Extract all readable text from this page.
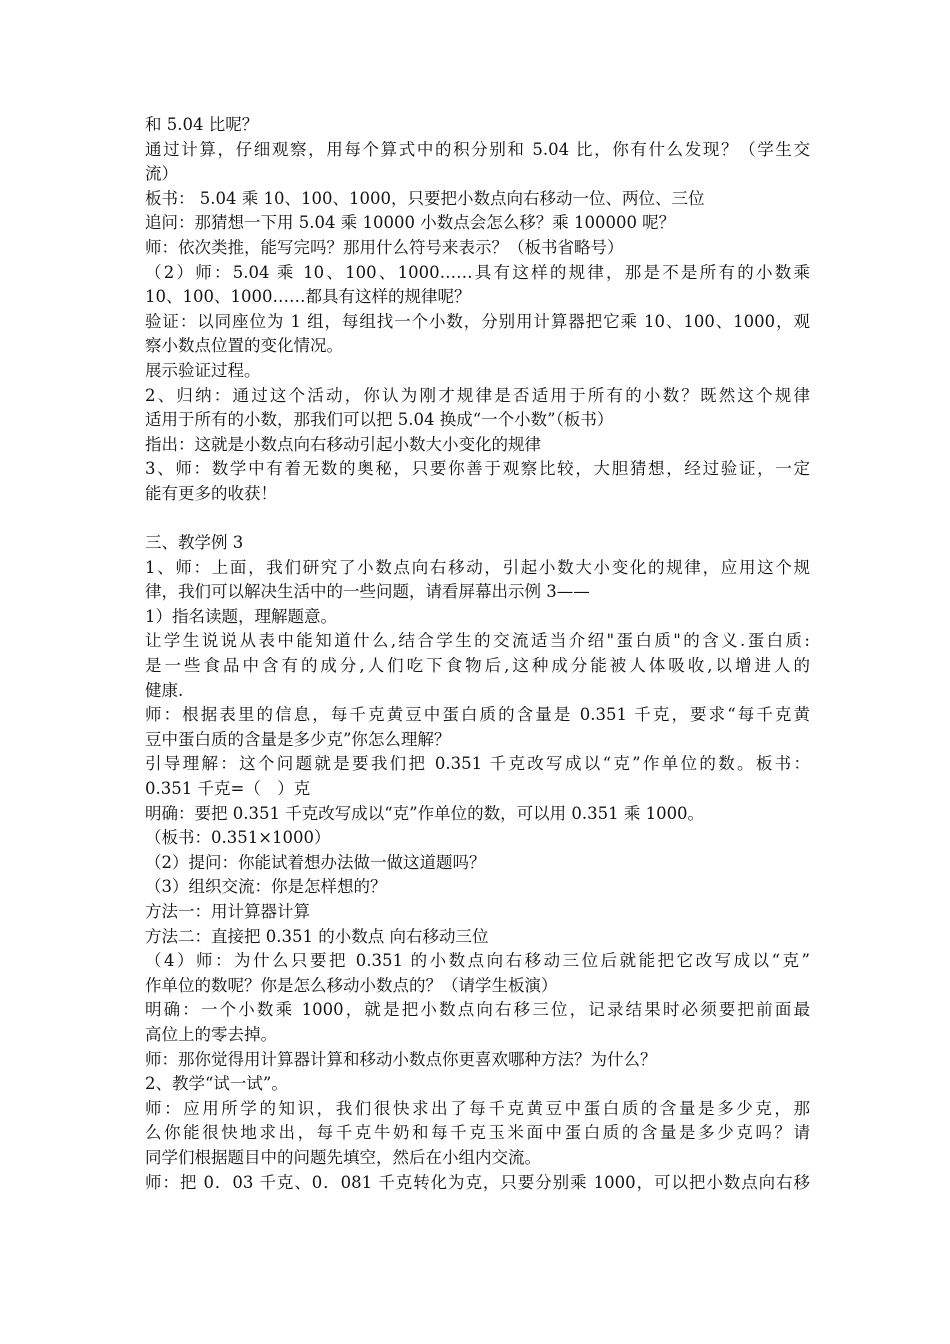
和 5.04 比呢？
通过计算，仔细观察，用每个算式中的积分别和 5.04 比，你有什么发现？（学生交
流）
板书： 5.04 乘 10、100、1000，只要把小数点向右移动一位、两位、三位
追问：那猜想一下用 5.04 乘 10000 小数点会怎么移？乘 100000 呢？
师：依次类推，能写完吗？那用什么符号来表示？（板书省略号）
（2）师：5.04 乘 10、100、1000……具有这样的规律，那是不是所有的小数乘
10、100、1000……都具有这样的规律呢？
验证：以同座位为 1 组，每组找一个小数，分别用计算器把它乘 10、100、1000，观
察小数点位置的变化情况。
展示验证过程。
2、归纳：通过这个活动，你认为刚才规律是否适用于所有的小数？既然这个规律
适用于所有的小数，那我们可以把 5.04 换成“一个小数”（板书）
指出：这就是小数点向右移动引起小数大小变化的规律
3、师：数学中有着无数的奥秘，只要你善于观察比较，大胆猜想，经过验证，一定
能有更多的收获！
三、教学例 3
1、师：上面，我们研究了小数点向右移动，引起小数大小变化的规律，应用这个规
律，我们可以解决生活中的一些问题，请看屏幕出示例 3——
1）指名读题，理解题意。
让学生说说从表中能知道什么,结合学生的交流适当介绍"蛋白质"的含义.蛋白质:
是一些食品中含有的成分,人们吃下食物后,这种成分能被人体吸收,以增进人的
健康.
师：根据表里的信息，每千克黄豆中蛋白质的含量是 0.351 千克，要求“每千克黄
豆中蛋白质的含量是多少克”你怎么理解？
引导理解：这个问题就是要我们把 0.351 千克改写成以“克”作单位的数。板书：
0.351 千克=（　）克
明确：要把 0.351 千克改写成以“克”作单位的数，可以用 0.351 乘 1000。
（板书：0.351×1000）
（2）提问：你能试着想办法做一做这道题吗？
（3）组织交流：你是怎样想的？
方法一：用计算器计算
方法二：直接把 0.351 的小数点 向右移动三位
（4）师：为什么只要把 0.351 的小数点向右移动三位后就能把它改写成以“克”
作单位的数呢？你是怎么移动小数点的？（请学生板演）
明确：一个小数乘 1000，就是把小数点向右移三位，记录结果时必须要把前面最
高位上的零去掉。
师：那你觉得用计算器计算和移动小数点你更喜欢哪种方法？为什么？
2、教学“试一试”。
师：应用所学的知识，我们很快求出了每千克黄豆中蛋白质的含量是多少克，那
么你能很快地求出，每千克牛奶和每千克玉米面中蛋白质的含量是多少克吗？请
同学们根据题目中的问题先填空，然后在小组内交流。
师：把 0．03 千克、0．081 千克转化为克，只要分别乘 1000，可以把小数点向右移
